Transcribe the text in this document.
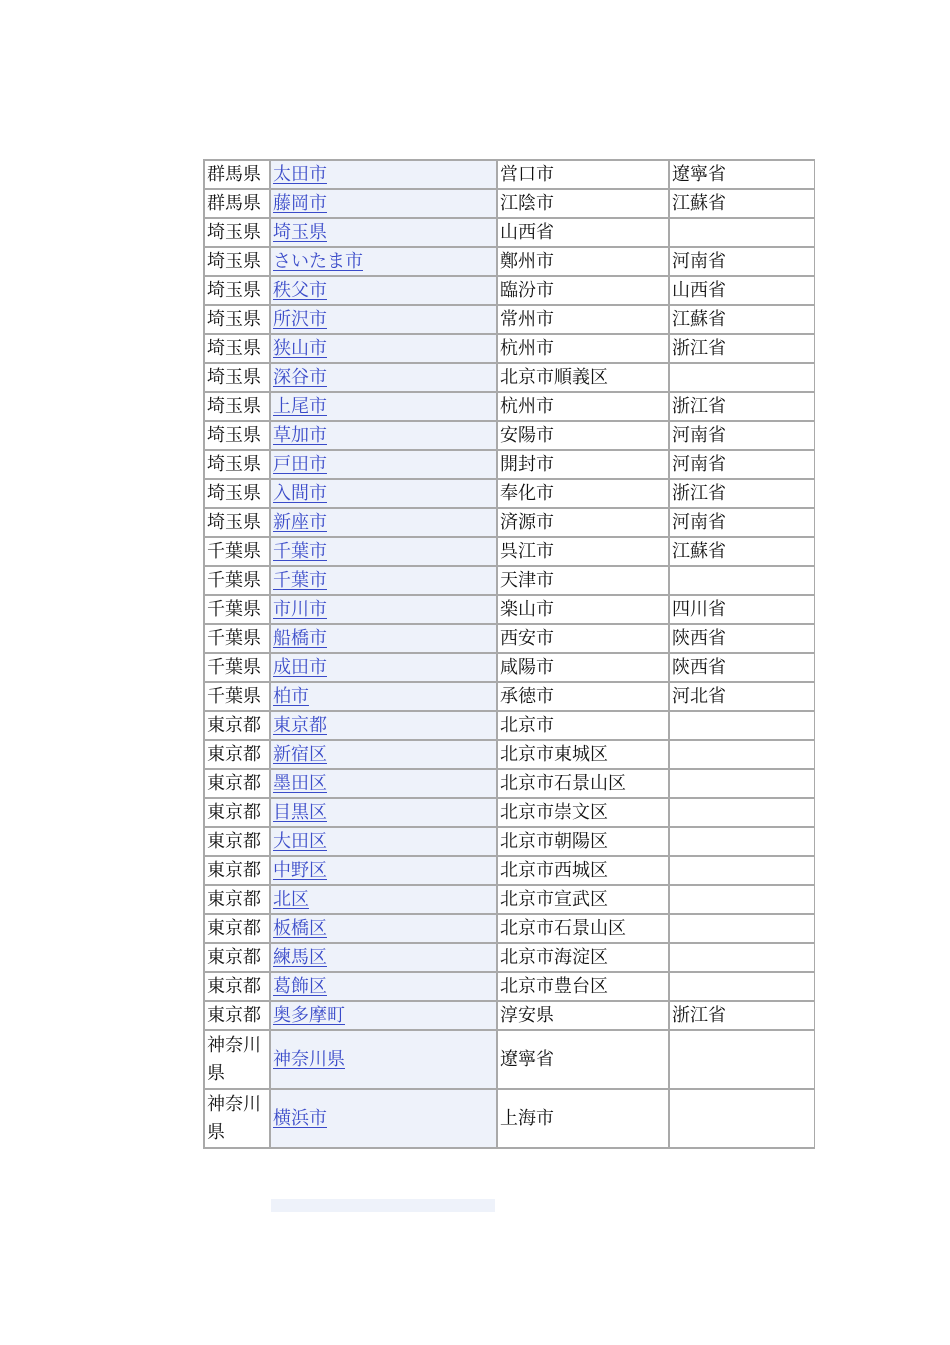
群馬県	太田市	営口市	遼寧省
群馬県	藤岡市	江陰市	江蘇省
埼玉県	埼玉県	山西省	
埼玉県	さいたま市	鄭州市	河南省
埼玉県	秩父市	臨汾市	山西省
埼玉県	所沢市	常州市	江蘇省
埼玉県	狭山市	杭州市	浙江省
埼玉県	深谷市	北京市順義区	
埼玉県	上尾市	杭州市	浙江省
埼玉県	草加市	安陽市	河南省
埼玉県	戸田市	開封市	河南省
埼玉県	入間市	奉化市	浙江省
埼玉県	新座市	済源市	河南省
千葉県	千葉市	呉江市	江蘇省
千葉県	千葉市	天津市	
千葉県	市川市	楽山市	四川省
千葉県	船橋市	西安市	陝西省
千葉県	成田市	咸陽市	陝西省
千葉県	柏市	承徳市	河北省
東京都	東京都	北京市	
東京都	新宿区	北京市東城区	
東京都	墨田区	北京市石景山区	
東京都	目黒区	北京市崇文区	
東京都	大田区	北京市朝陽区	
東京都	中野区	北京市西城区	
東京都	北区	北京市宣武区	
東京都	板橋区	北京市石景山区	
東京都	練馬区	北京市海淀区	
東京都	葛飾区	北京市豊台区	
東京都	奥多摩町	淳安県	浙江省
神奈川県	神奈川県	遼寧省	
神奈川県	横浜市	上海市	
